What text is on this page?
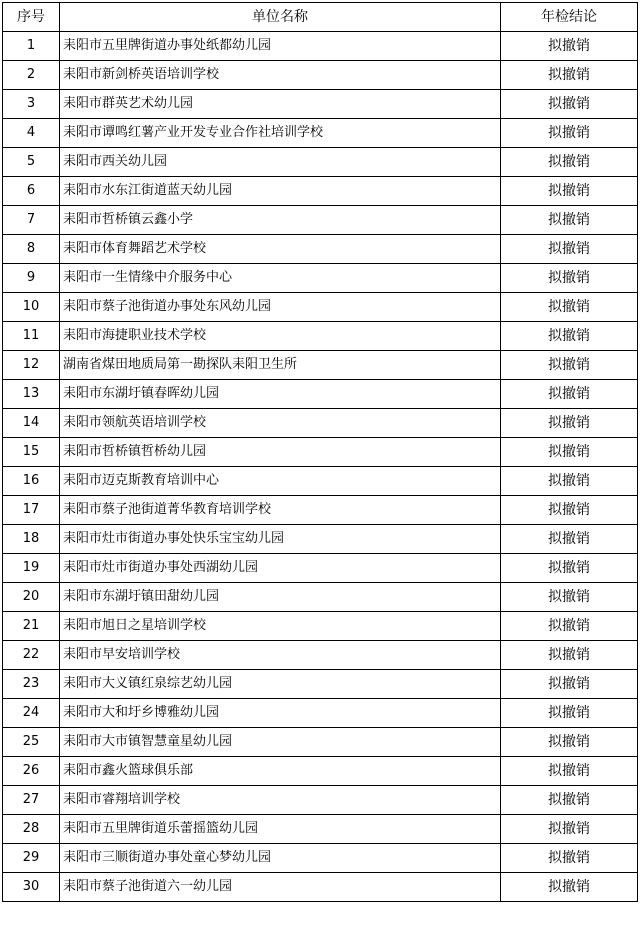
序号	单位名称	年检结论
1	耒阳市五里牌街道办事处纸都幼儿园	拟撤销
2	耒阳市新剑桥英语培训学校	拟撤销
3	耒阳市群英艺术幼儿园	拟撤销
4	耒阳市谭鸣红薯产业开发专业合作社培训学校	拟撤销
5	耒阳市西关幼儿园	拟撤销
6	耒阳市水东江街道蓝天幼儿园	拟撤销
7	耒阳市哲桥镇云鑫小学	拟撤销
8	耒阳市体育舞蹈艺术学校	拟撤销
9	耒阳市一生情缘中介服务中心	拟撤销
10	耒阳市蔡子池街道办事处东风幼儿园	拟撤销
11	耒阳市海捷职业技术学校	拟撤销
12	湖南省煤田地质局第一勘探队耒阳卫生所	拟撤销
13	耒阳市东湖圩镇春晖幼儿园	拟撤销
14	耒阳市领航英语培训学校	拟撤销
15	耒阳市哲桥镇哲桥幼儿园	拟撤销
16	耒阳市迈克斯教育培训中心	拟撤销
17	耒阳市蔡子池街道菁华教育培训学校	拟撤销
18	耒阳市灶市街道办事处快乐宝宝幼儿园	拟撤销
19	耒阳市灶市街道办事处西湖幼儿园	拟撤销
20	耒阳市东湖圩镇田甜幼儿园	拟撤销
21	耒阳市旭日之星培训学校	拟撤销
22	耒阳市早安培训学校	拟撤销
23	耒阳市大义镇红泉综艺幼儿园	拟撤销
24	耒阳市大和圩乡博雅幼儿园	拟撤销
25	耒阳市大市镇智慧童星幼儿园	拟撤销
26	耒阳市鑫火篮球俱乐部	拟撤销
27	耒阳市睿翔培训学校	拟撤销
28	耒阳市五里牌街道乐蕾摇篮幼儿园	拟撤销
29	耒阳市三顺街道办事处童心梦幼儿园	拟撤销
30	耒阳市蔡子池街道六一幼儿园	拟撤销
